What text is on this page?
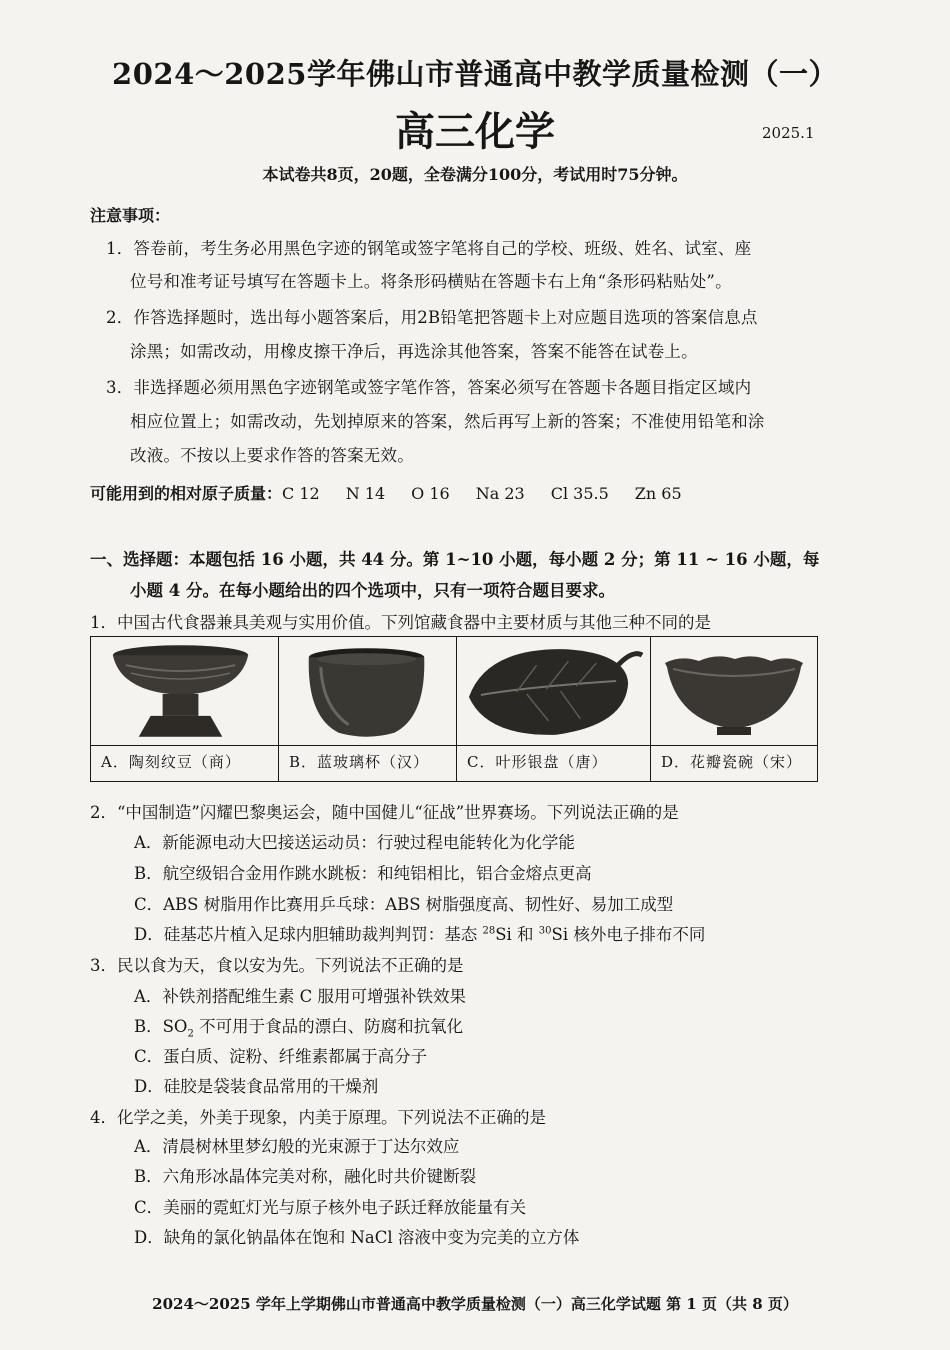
2024～2025学年佛山市普通高中教学质量检测（一）
高三化学	2025.1
本试卷共8页，20题，全卷满分100分，考试用时75分钟。
注意事项：
1．答卷前，考生务必用黑色字迹的钢笔或签字笔将自己的学校、班级、姓名、试室、座
位号和准考证号填写在答题卡上。将条形码横贴在答题卡右上角“条形码粘贴处”。
2．作答选择题时，选出每小题答案后，用2B铅笔把答题卡上对应题目选项的答案信息点
涂黑；如需改动，用橡皮擦干净后，再选涂其他答案，答案不能答在试卷上。
3．非选择题必须用黑色字迹钢笔或签字笔作答，答案必须写在答题卡各题目指定区域内
相应位置上；如需改动，先划掉原来的答案，然后再写上新的答案；不准使用铅笔和涂
改液。不按以上要求作答的答案无效。
可能用到的相对原子质量：C 12 N 14 O 16 Na 23 Cl 35.5 Zn 65
一、选择题：本题包括 16 小题，共 44 分。第 1~10 小题，每小题 2 分；第 11 ~ 16 小题，每
小题 4 分。在每小题给出的四个选项中，只有一项符合题目要求。
1．中国古代食器兼具美观与实用价值。下列馆藏食器中主要材质与其他三种不同的是
A．陶刻纹豆（商）	B．蓝玻璃杯（汉）	C．叶形银盘（唐）	D．花瓣瓷碗（宋）
2．“中国制造”闪耀巴黎奥运会，随中国健儿“征战”世界赛场。下列说法正确的是
A．新能源电动大巴接送运动员：行驶过程电能转化为化学能
B．航空级铝合金用作跳水跳板：和纯铝相比，铝合金熔点更高
C．ABS 树脂用作比赛用乒乓球：ABS 树脂强度高、韧性好、易加工成型
D．硅基芯片植入足球内胆辅助裁判判罚：基态 $^{28}$Si 和 $^{30}$Si 核外电子排布不同
3．民以食为天，食以安为先。下列说法不正确的是
A．补铁剂搭配维生素 C 服用可增强补铁效果
B．$SO_2$ 不可用于食品的漂白、防腐和抗氧化
C．蛋白质、淀粉、纤维素都属于高分子
D．硅胶是袋装食品常用的干燥剂
4．化学之美，外美于现象，内美于原理。下列说法不正确的是
A．清晨树林里梦幻般的光束源于丁达尔效应
B．六角形冰晶体完美对称，融化时共价键断裂
C．美丽的霓虹灯光与原子核外电子跃迁释放能量有关
D．缺角的氯化钠晶体在饱和 NaCl 溶液中变为完美的立方体
2024～2025 学年上学期佛山市普通高中教学质量检测（一）高三化学试题 第 1 页（共 8 页）
